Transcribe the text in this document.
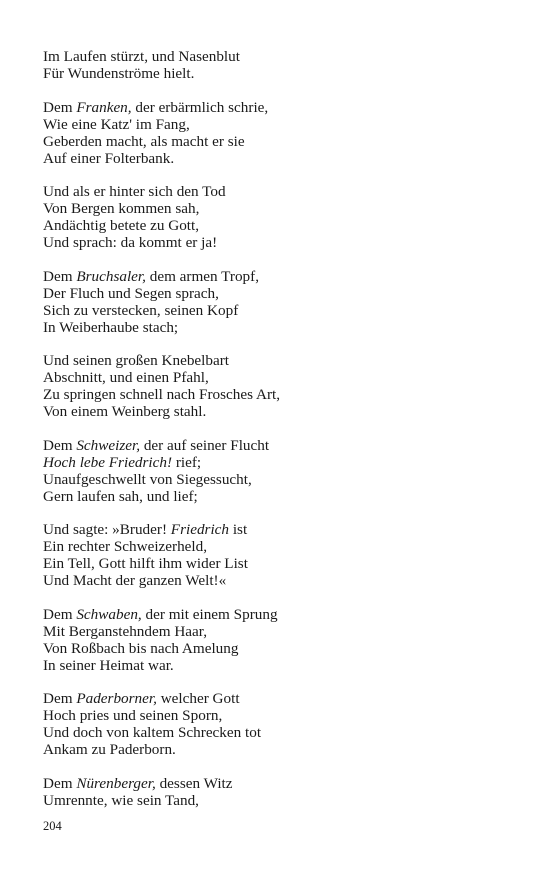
Im Laufen stürzt, und Nasenblut
Für Wundenströme hielt.
Dem Franken, der erbärmlich schrie,
Wie eine Katz' im Fang,
Geberden macht, als macht er sie
Auf einer Folterbank.
Und als er hinter sich den Tod
Von Bergen kommen sah,
Andächtig betete zu Gott,
Und sprach: da kommt er ja!
Dem Bruchsaler, dem armen Tropf,
Der Fluch und Segen sprach,
Sich zu verstecken, seinen Kopf
In Weiberhaube stach;
Und seinen großen Knebelbart
Abschnitt, und einen Pfahl,
Zu springen schnell nach Frosches Art,
Von einem Weinberg stahl.
Dem Schweizer, der auf seiner Flucht
Hoch lebe Friedrich! rief;
Unaufgeschwellt von Siegessucht,
Gern laufen sah, und lief;
Und sagte: »Bruder! Friedrich ist
Ein rechter Schweizerheld,
Ein Tell, Gott hilft ihm wider List
Und Macht der ganzen Welt!«
Dem Schwaben, der mit einem Sprung
Mit Berganstehndem Haar,
Von Roßbach bis nach Amelung
In seiner Heimat war.
Dem Paderborner, welcher Gott
Hoch pries und seinen Sporn,
Und doch von kaltem Schrecken tot
Ankam zu Paderborn.
Dem Nürenberger, dessen Witz
Umrennte, wie sein Tand,
204
